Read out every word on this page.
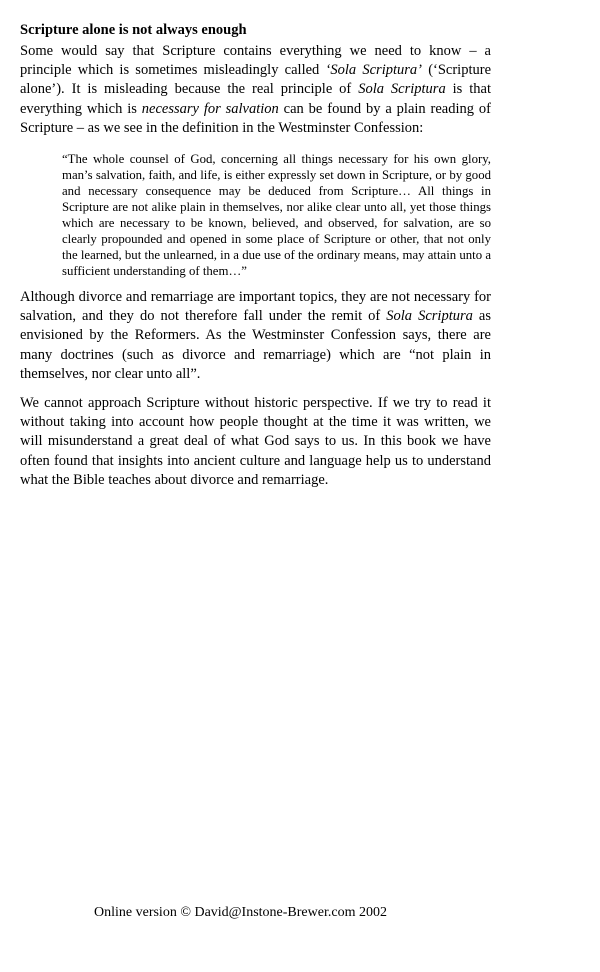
Scripture alone is not always enough

Some would say that Scripture contains everything we need to know – a principle which is sometimes misleadingly called ‘Sola Scriptura’ (‘Scripture alone’). It is misleading because the real principle of Sola Scriptura is that everything which is necessary for salvation can be found by a plain reading of Scripture – as we see in the definition in the Westminster Confession:

“The whole counsel of God, concerning all things necessary for his own glory, man’s salvation, faith, and life, is either expressly set down in Scripture, or by good and necessary consequence may be deduced from Scripture… All things in Scripture are not alike plain in themselves, nor alike clear unto all, yet those things which are necessary to be known, believed, and observed, for salvation, are so clearly propounded and opened in some place of Scripture or other, that not only the learned, but the unlearned, in a due use of the ordinary means, may attain unto a sufficient understanding of them…”

Although divorce and remarriage are important topics, they are not necessary for salvation, and they do not therefore fall under the remit of Sola Scriptura as envisioned by the Reformers. As the Westminster Confession says, there are many doctrines (such as divorce and remarriage) which are “not plain in themselves, nor clear unto all”.

We cannot approach Scripture without historic perspective. If we try to read it without taking into account how people thought at the time it was written, we will misunderstand a great deal of what God says to us. In this book we have often found that insights into ancient culture and language help us to understand what the Bible teaches about divorce and remarriage.

Online version © David@Instone-Brewer.com 2002
